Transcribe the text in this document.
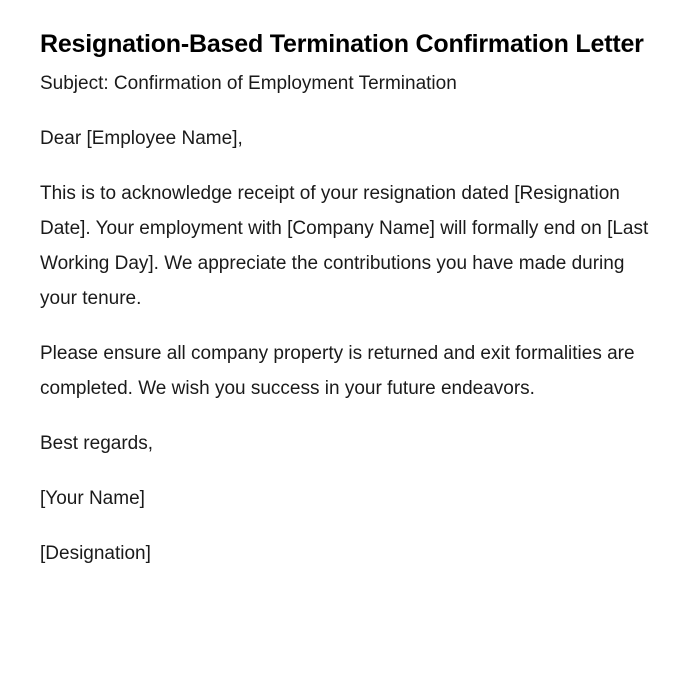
Resignation-Based Termination Confirmation Letter

Subject: Confirmation of Employment Termination

Dear [Employee Name],

This is to acknowledge receipt of your resignation dated [Resignation Date]. Your employment with [Company Name] will formally end on [Last Working Day]. We appreciate the contributions you have made during your tenure.

Please ensure all company property is returned and exit formalities are completed. We wish you success in your future endeavors.

Best regards,

[Your Name]

[Designation]
